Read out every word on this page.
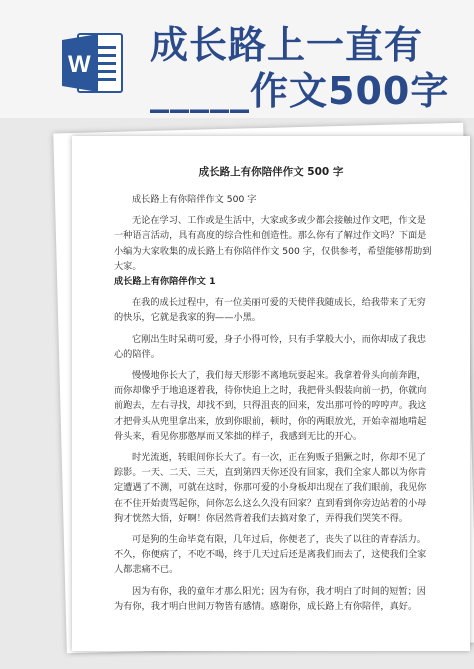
W 成长路上一直有_____作文500字
成长路上有你陪伴作文 500 字

成长路上有你陪伴作文 500 字

无论在学习、工作或是生活中，大家或多或少都会接触过作文吧，作文是一种语言活动，具有高度的综合性和创造性。那么你有了解过作文吗？下面是小编为大家收集的成长路上有你陪伴作文 500 字，仅供参考，希望能够帮助到大家。

成长路上有你陪伴作文 1

在我的成长过程中，有一位美丽可爱的天使伴我随成长，给我带来了无穷的快乐，它就是我家的狗——小黑。

它刚出生时呆萌可爱，身子小得可怜，只有手掌般大小，而你却成了我忠心的陪伴。

慢慢地你长大了，我们每天形影不离地玩耍起来。我拿着骨头向前奔跑，而你却像乎于地追逐着我，待你快追上之时，我把骨头假装向前一扔，你就向前跑去，左右寻找，却找不到，只得沮丧的回来，发出那可怜的哼哼声。我这才把骨头从兜里拿出来，放到你眼前，顿时，你的两眼放光，开始幸福地啃起骨头来，看见你那憨厚而又笨拙的样子，我感到无比的开心。

时光流逝，转眼间你长大了。有一次，正在狗贩子猖獗之时，你却不见了踪影。一天、二天、三天，直到第四天你还没有回家，我们全家人都以为你肯定遭遇了不测，可就在这时，你那可爱的小身板却出现在了我们眼前，我见你在不住开始责骂起你，问你怎么这么久没有回家？直到看到你旁边站着的小母狗才恍然大悟，好啊！你居然背着我们去搞对象了，弄得我们哭笑不得。

可是狗的生命毕竟有限，几年过后，你便老了，丧失了以往的青春活力。不久，你便病了，不吃不喝，终于几天过后还是离我们而去了，这使我们全家人都悲痛不已。

因为有你，我的童年才那么阳光；因为有你，我才明白了时间的短暂；因为有你，我才明白世间万物皆有感情。感谢你，成长路上有你陪伴，真好。
